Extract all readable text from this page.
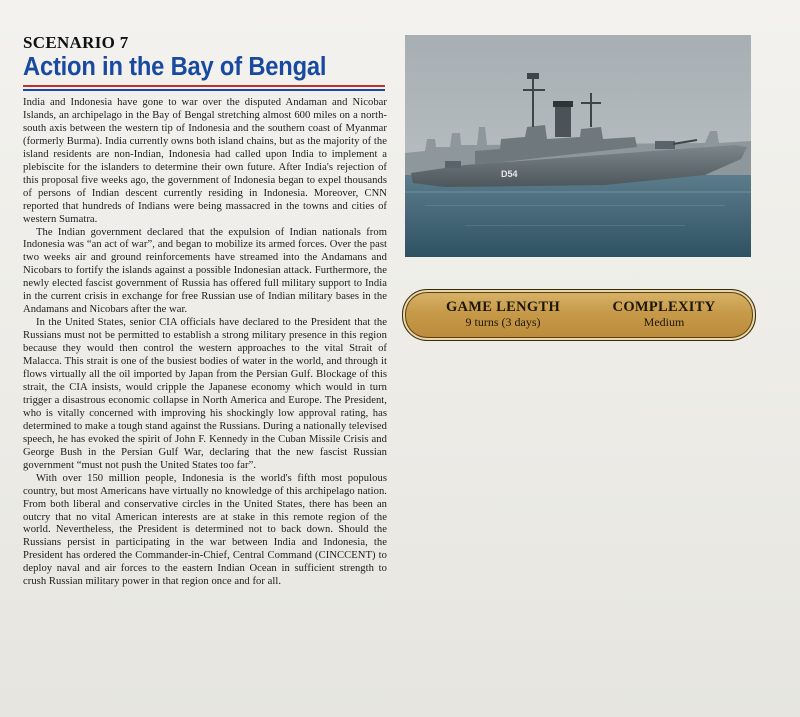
SCENARIO 7
Action in the Bay of Bengal

India and Indonesia have gone to war over the disputed Andaman and Nicobar Islands, an archipelago in the Bay of Bengal stretching almost 600 miles on a north-south axis between the western tip of Indonesia and the southern coast of Myanmar (formerly Burma). India currently owns both island chains, but as the majority of the island residents are non-Indian, Indonesia had called upon India to implement a plebiscite for the islanders to determine their own future. After India's rejection of this proposal five weeks ago, the government of Indonesia began to expel thousands of persons of Indian descent currently residing in Indonesia. Moreover, CNN reported that hundreds of Indians were being massacred in the towns and cities of western Sumatra.

The Indian government declared that the expulsion of Indian nationals from Indonesia was “an act of war”, and began to mobilize its armed forces. Over the past two weeks air and ground reinforcements have streamed into the Andamans and Nicobars to fortify the islands against a possible Indonesian attack. Furthermore, the newly elected fascist government of Russia has offered full military support to India in the current crisis in exchange for free Russian use of Indian military bases in the Andamans and Nicobars after the war.

In the United States, senior CIA officials have declared to the President that the Russians must not be permitted to establish a strong military presence in this region because they would then control the western approaches to the vital Strait of Malacca. This strait is one of the busiest bodies of water in the world, and through it flows virtually all the oil imported by Japan from the Persian Gulf. Blockage of this strait, the CIA insists, would cripple the Japanese economy which would in turn trigger a disastrous economic collapse in North America and Europe. The President, who is vitally concerned with improving his shockingly low approval rating, has determined to make a tough stand against the Russians. During a nationally televised speech, he has evoked the spirit of John F. Kennedy in the Cuban Missile Crisis and George Bush in the Persian Gulf War, declaring that the new fascist Russian government “must not push the United States too far”.

With over 150 million people, Indonesia is the world's fifth most populous country, but most Americans have virtually no knowledge of this archipelago nation. From both liberal and conservative circles in the United States, there has been an outcry that no vital American interests are at stake in this remote region of the world. Nevertheless, the President is determined not to back down. Should the Russians persist in participating in the war between India and Indonesia, the President has ordered the Commander-in-Chief, Central Command (CINCCENT) to deploy naval and air forces to the eastern Indian Ocean in sufficient strength to crush Russian military power in that region once and for all.

D54
GAME LENGTH
9 turns (3 days)
COMPLEXITY
Medium
